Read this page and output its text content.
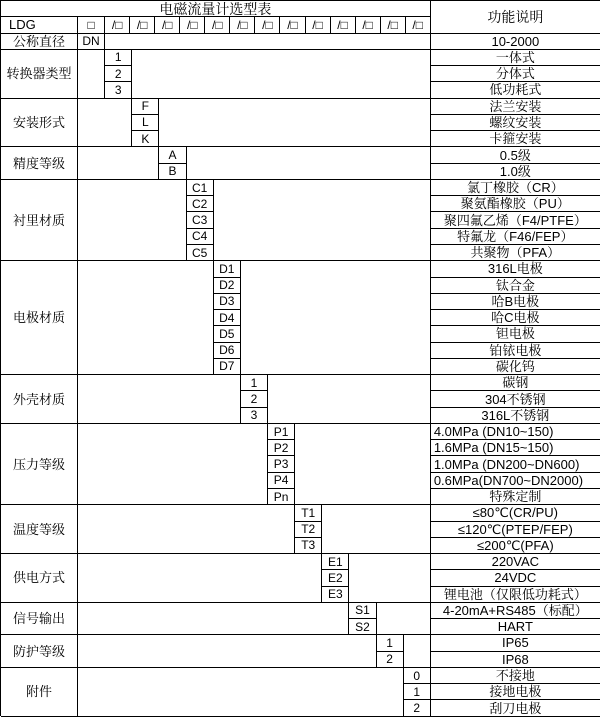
电磁流量计选型表
功能说明
LDG	□	/□	/□	/□	/□	/□	/□	/□	/□	/□	/□	/□	/□	/□
公称直径	DN	10-2000
转换器类型
1	一体式
2	分体式
3	低功耗式
安装形式
F	法兰安装
L	螺纹安装
K	卡箍安装
精度等级
A	0.5级
B	1.0级
衬里材质
C1	氯丁橡胶（CR）
C2	聚氨酯橡胶（PU）
C3	聚四氟乙烯（F4/PTFE）
C4	特氟龙（F46/FEP）
C5	共聚物（PFA）
电极材质
D1	316L电极
D2	钛合金
D3	哈B电极
D4	哈C电极
D5	钽电极
D6	铂铱电极
D7	碳化钨
外壳材质
1	碳钢
2	304不锈钢
3	316L不锈钢
压力等级
P1	4.0MPa (DN10~150)
P2	1.6MPa (DN15~150)
P3	1.0MPa (DN200~DN600)
P4	0.6MPa(DN700~DN2000)
Pn	特殊定制
温度等级
T1	≤80℃(CR/PU)
T2	≤120℃(PTEP/FEP)
T3	≤200℃(PFA)
供电方式
E1	220VAC
E2	24VDC
E3	锂电池（仅限低功耗式）
信号输出
S1	4-20mA+RS485（标配）
S2	HART
防护等级
1	IP65
2	IP68
附件
0	不接地
1	接地电极
2	刮刀电极
